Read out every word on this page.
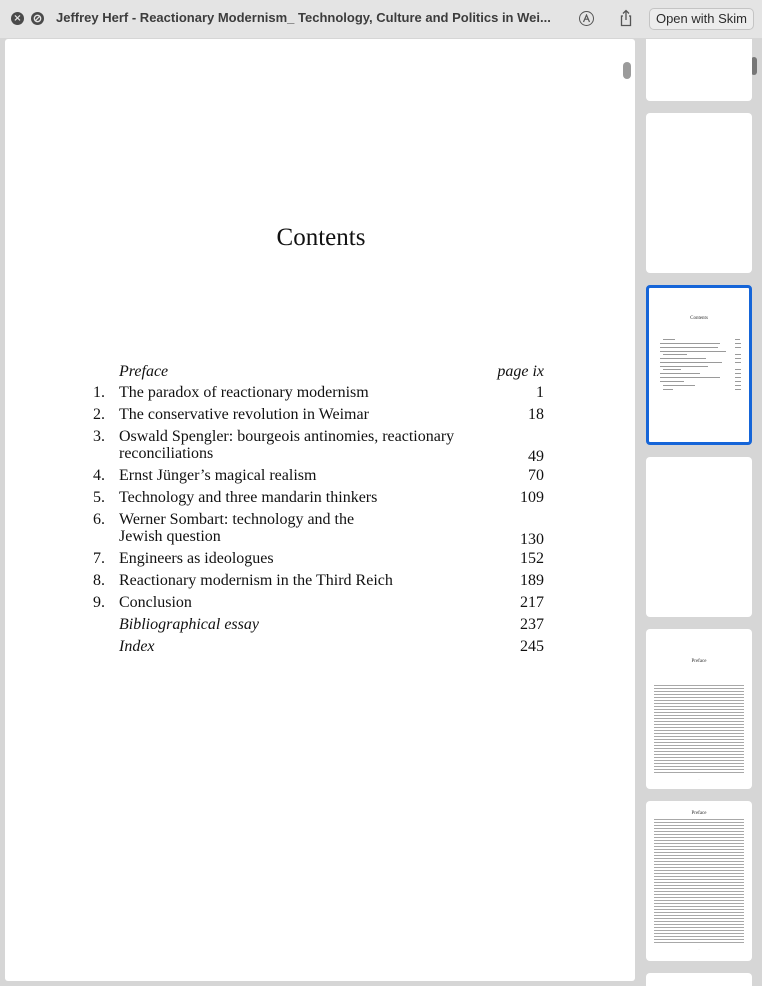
×	Jeffrey Herf - Reactionary Modernism_ Technology, Culture and Politics in Wei...	Open with Skim
Contents
Preface	page ix
1. The paradox of reactionary modernism	1
2. The conservative revolution in Weimar	18
3. Oswald Spengler: bourgeois antinomies, reactionary reconciliations	49
4. Ernst Jünger’s magical realism	70
5. Technology and three mandarin thinkers	109
6. Werner Sombart: technology and the Jewish question	130
7. Engineers as ideologues	152
8. Reactionary modernism in the Third Reich	189
9. Conclusion	217
Bibliographical essay	237
Index	245
Contents
Preface
·
Preface
·
